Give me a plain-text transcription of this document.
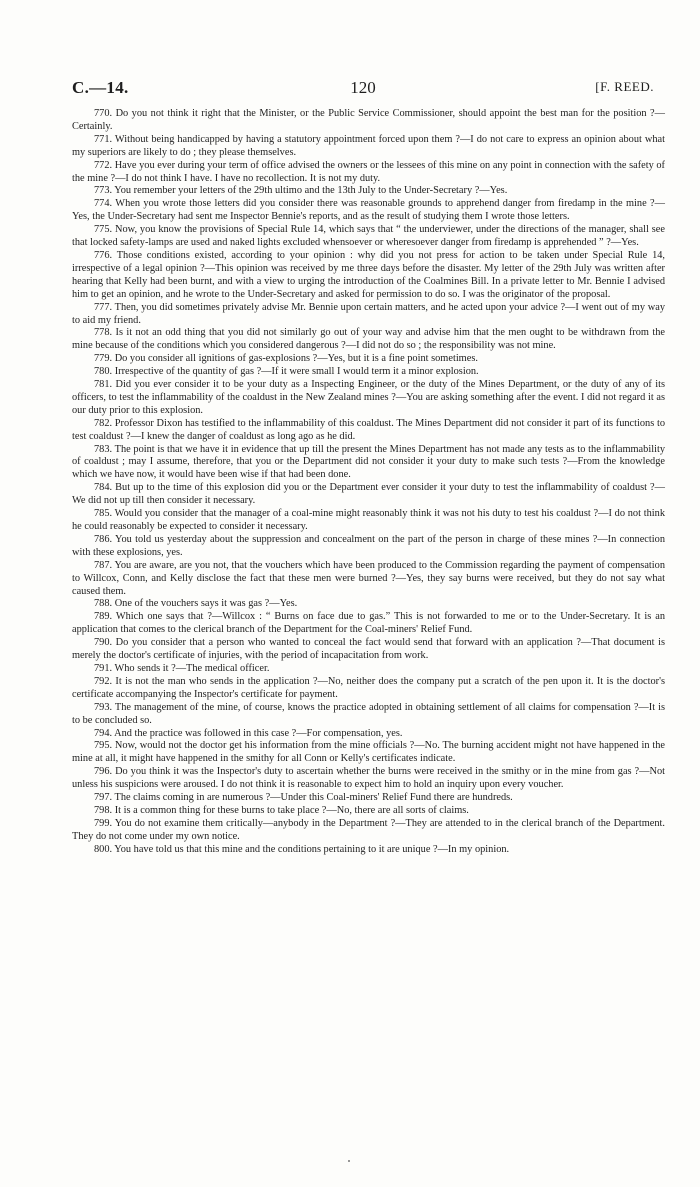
C.—14.	120	[F. REED.

770. Do you not think it right that the Minister, or the Public Service Commissioner, should appoint the best man for the position ?—Certainly.

771. Without being handicapped by having a statutory appointment forced upon them ?—I do not care to express an opinion about what my superiors are likely to do ; they please themselves.

772. Have you ever during your term of office advised the owners or the lessees of this mine on any point in connection with the safety of the mine ?—I do not think I have. I have no recollection. It is not my duty.

773. You remember your letters of the 29th ultimo and the 13th July to the Under-Secretary ?—Yes.

774. When you wrote those letters did you consider there was reasonable grounds to apprehend danger from firedamp in the mine ?—Yes, the Under-Secretary had sent me Inspector Bennie's reports, and as the result of studying them I wrote those letters.

775. Now, you know the provisions of Special Rule 14, which says that “ the underviewer, under the directions of the manager, shall see that locked safety-lamps are used and naked lights excluded whensoever or wheresoever danger from firedamp is apprehended ” ?—Yes.

776. Those conditions existed, according to your opinion : why did you not press for action to be taken under Special Rule 14, irrespective of a legal opinion ?—This opinion was received by me three days before the disaster. My letter of the 29th July was written after hearing that Kelly had been burnt, and with a view to urging the introduction of the Coalmines Bill. In a private letter to Mr. Bennie I advised him to get an opinion, and he wrote to the Under-Secretary and asked for permission to do so. I was the originator of the proposal.

777. Then, you did sometimes privately advise Mr. Bennie upon certain matters, and he acted upon your advice ?—I went out of my way to aid my friend.

778. Is it not an odd thing that you did not similarly go out of your way and advise him that the men ought to be withdrawn from the mine because of the conditions which you considered dangerous ?—I did not do so ; the responsibility was not mine.

779. Do you consider all ignitions of gas-explosions ?—Yes, but it is a fine point sometimes.

780. Irrespective of the quantity of gas ?—If it were small I would term it a minor explosion.

781. Did you ever consider it to be your duty as a Inspecting Engineer, or the duty of the Mines Department, or the duty of any of its officers, to test the inflammability of the coaldust in the New Zealand mines ?—You are asking something after the event. I did not regard it as our duty prior to this explosion.

782. Professor Dixon has testified to the inflammability of this coaldust. The Mines Department did not consider it part of its functions to test coaldust ?—I knew the danger of coaldust as long ago as he did.

783. The point is that we have it in evidence that up till the present the Mines Department has not made any tests as to the inflammability of coaldust ; may I assume, therefore, that you or the Department did not consider it your duty to make such tests ?—From the knowledge which we have now, it would have been wise if that had been done.

784. But up to the time of this explosion did you or the Department ever consider it your duty to test the inflammability of coaldust ?—We did not up till then consider it necessary.

785. Would you consider that the manager of a coal-mine might reasonably think it was not his duty to test his coaldust ?—I do not think he could reasonably be expected to consider it necessary.

786. You told us yesterday about the suppression and concealment on the part of the person in charge of these mines ?—In connection with these explosions, yes.

787. You are aware, are you not, that the vouchers which have been produced to the Commission regarding the payment of compensation to Willcox, Conn, and Kelly disclose the fact that these men were burned ?—Yes, they say burns were received, but they do not say what caused them.

788. One of the vouchers says it was gas ?—Yes.

789. Which one says that ?—Willcox : “ Burns on face due to gas.” This is not forwarded to me or to the Under-Secretary. It is an application that comes to the clerical branch of the Department for the Coal-miners' Relief Fund.

790. Do you consider that a person who wanted to conceal the fact would send that forward with an application ?—That document is merely the doctor's certificate of injuries, with the period of incapacitation from work.

791. Who sends it ?—The medical officer.

792. It is not the man who sends in the application ?—No, neither does the company put a scratch of the pen upon it. It is the doctor's certificate accompanying the Inspector's certificate for payment.

793. The management of the mine, of course, knows the practice adopted in obtaining settlement of all claims for compensation ?—It is to be concluded so.

794. And the practice was followed in this case ?—For compensation, yes.

795. Now, would not the doctor get his information from the mine officials ?—No. The burning accident might not have happened in the mine at all, it might have happened in the smithy for all Conn or Kelly's certificates indicate.

796. Do you think it was the Inspector's duty to ascertain whether the burns were received in the smithy or in the mine from gas ?—Not unless his suspicions were aroused. I do not think it is reasonable to expect him to hold an inquiry upon every voucher.

797. The claims coming in are numerous ?—Under this Coal-miners' Relief Fund there are hundreds.

798. It is a common thing for these burns to take place ?—No, there are all sorts of claims.

799. You do not examine them critically—anybody in the Department ?—They are attended to in the clerical branch of the Department. They do not come under my own notice.

800. You have told us that this mine and the conditions pertaining to it are unique ?—In my opinion.
